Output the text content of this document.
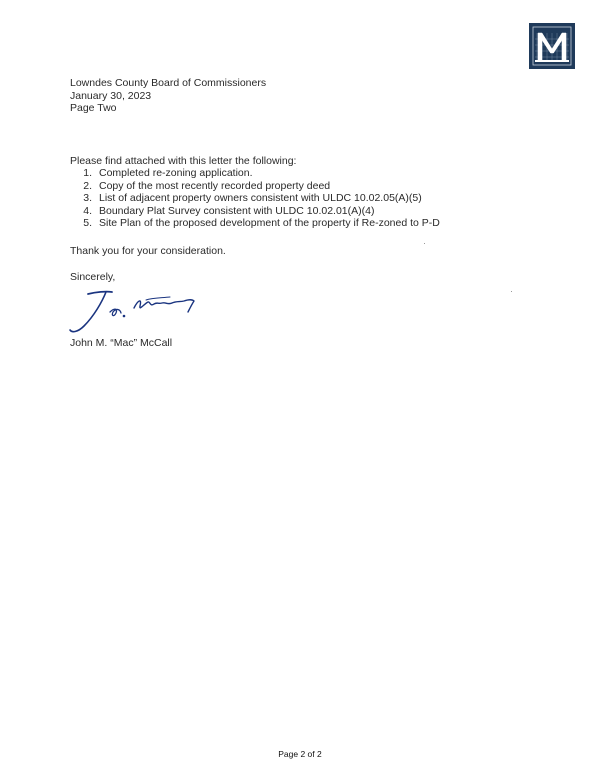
Lowndes County Board of Commissioners
January 30, 2023
Page Two
Please find attached with this letter the following:
1. Completed re-zoning application.
2. Copy of the most recently recorded property deed
3. List of adjacent property owners consistent with ULDC 10.02.05(A)(5)
4. Boundary Plat Survey consistent with ULDC 10.02.01(A)(4)
5. Site Plan of the proposed development of the property if Re-zoned to P-D
Thank you for your consideration.
Sincerely,
John M. “Mac” McCall
Page 2 of 2
